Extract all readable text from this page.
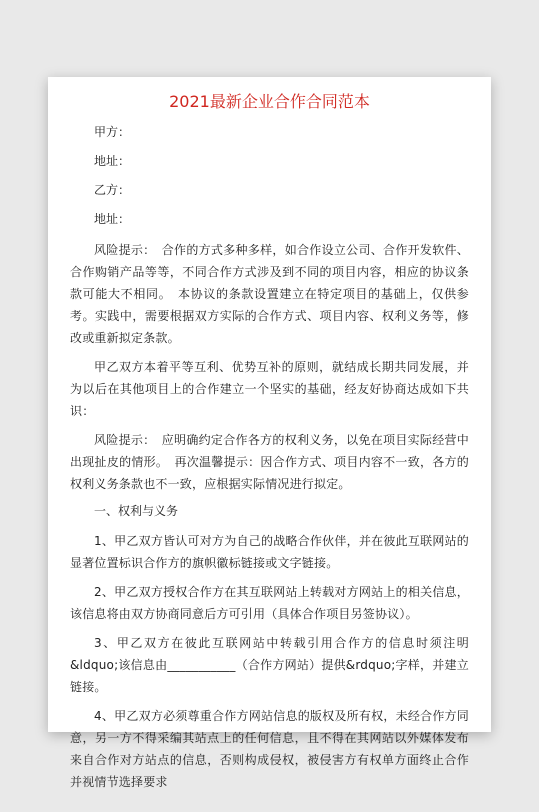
2021最新企业合作合同范本

甲方：

地址：

乙方：

地址：

风险提示：　合作的方式多种多样，如合作设立公司、合作开发软件、合作购销产品等等，不同合作方式涉及到不同的项目内容，相应的协议条款可能大不相同。　本协议的条款设置建立在特定项目的基础上，仅供参考。实践中，需要根据双方实际的合作方式、项目内容、权利义务等，修改或重新拟定条款。

甲乙双方本着平等互利、优势互补的原则，就结成长期共同发展，并为以后在其他项目上的合作建立一个坚实的基础，经友好协商达成如下共识：

风险提示：　应明确约定合作各方的权利义务，以免在项目实际经营中出现扯皮的情形。　再次温馨提示：因合作方式、项目内容不一致，各方的权利义务条款也不一致，应根据实际情况进行拟定。

一、权利与义务

1、甲乙双方皆认可对方为自己的战略合作伙伴，并在彼此互联网站的显著位置标识合作方的旗帜徽标链接或文字链接。

2、甲乙双方授权合作方在其互联网站上转载对方网站上的相关信息，该信息将由双方协商同意后方可引用（具体合作项目另签协议）。

3、甲乙双方在彼此互联网站中转载引用合作方的信息时须注明&ldquo;该信息由___________（合作方网站）提供&rdquo;字样，并建立链接。

4、甲乙双方必须尊重合作方网站信息的版权及所有权，未经合作方同意，另一方不得采编其站点上的任何信息，且不得在其网站以外媒体发布来自合作对方站点的信息，否则构成侵权，被侵害方有权单方面终止合作并视情节选择要求
